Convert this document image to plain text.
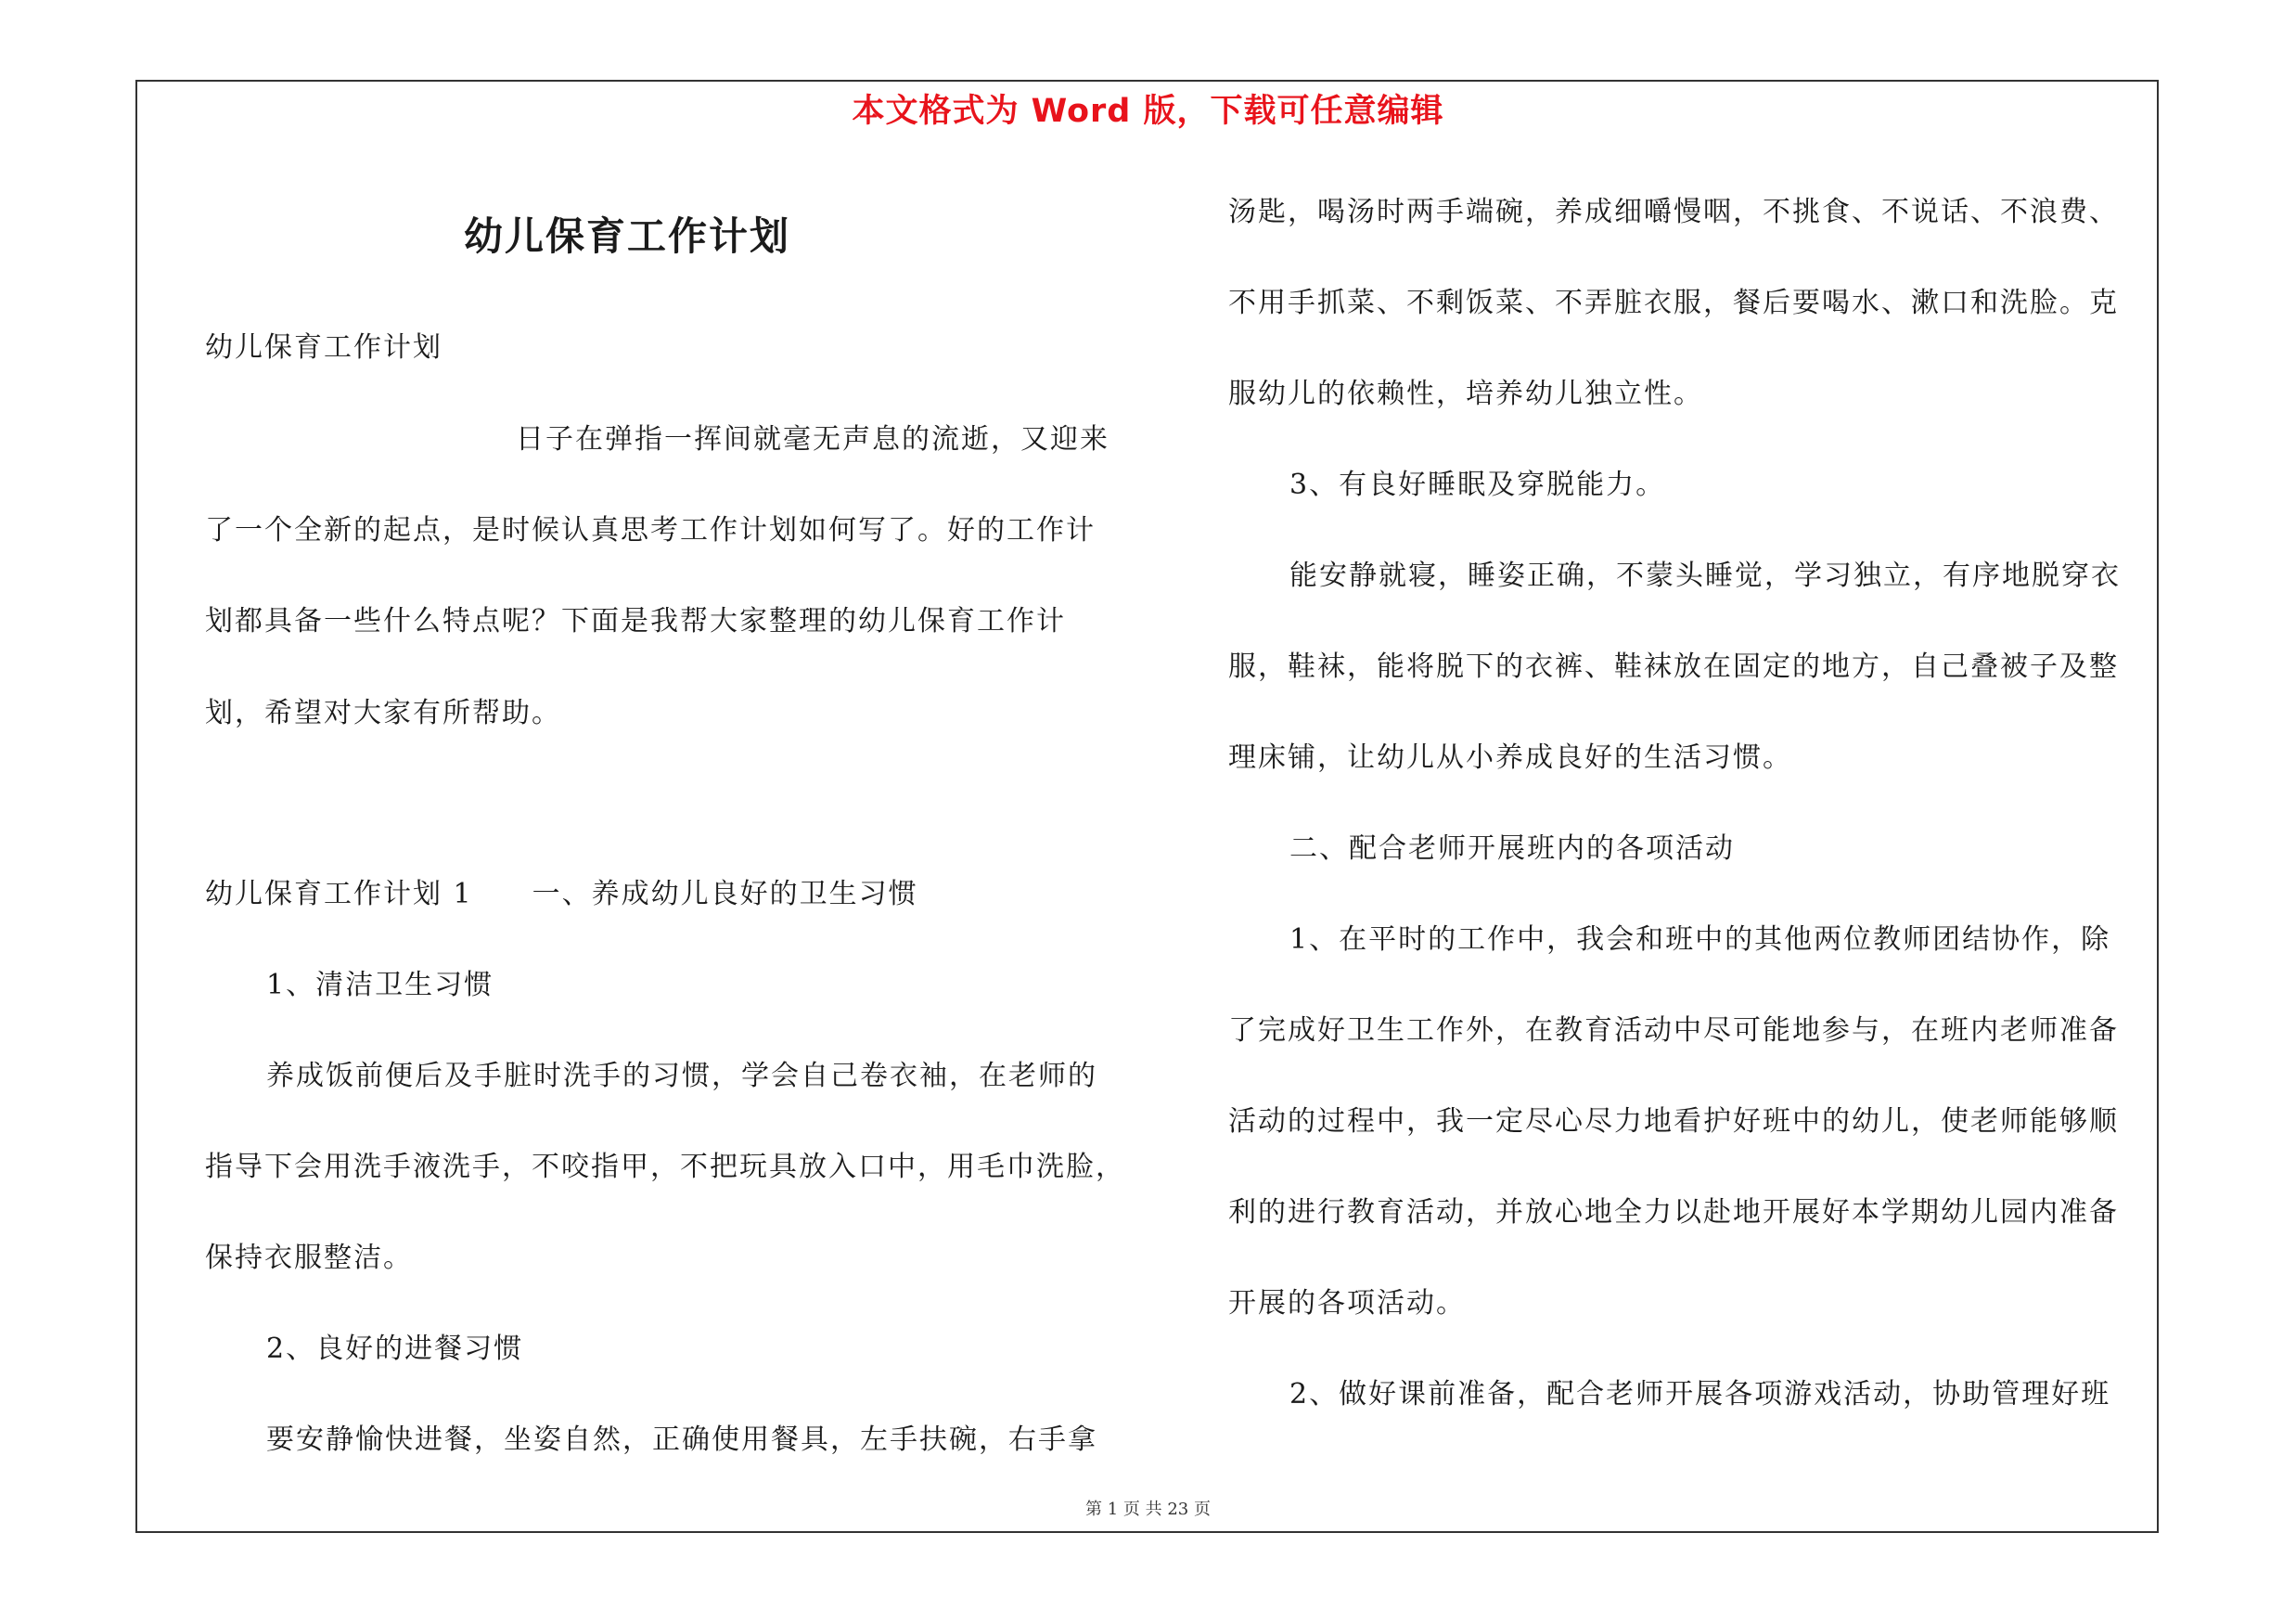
本文格式为 Word 版，下载可任意编辑
幼儿保育工作计划
幼儿保育工作计划
日子在弹指一挥间就毫无声息的流逝，又迎来
了一个全新的起点，是时候认真思考工作计划如何写了。好的工作计
划都具备一些什么特点呢？下面是我帮大家整理的幼儿保育工作计
划，希望对大家有所帮助。
幼儿保育工作计划 1　　一、养成幼儿良好的卫生习惯
1、清洁卫生习惯
养成饭前便后及手脏时洗手的习惯，学会自己卷衣袖，在老师的
指导下会用洗手液洗手，不咬指甲，不把玩具放入口中，用毛巾洗脸，
保持衣服整洁。
2、良好的进餐习惯
要安静愉快进餐，坐姿自然，正确使用餐具，左手扶碗，右手拿
汤匙，喝汤时两手端碗，养成细嚼慢咽，不挑食、不说话、不浪费、
不用手抓菜、不剩饭菜、不弄脏衣服，餐后要喝水、漱口和洗脸。克
服幼儿的依赖性，培养幼儿独立性。
3、有良好睡眠及穿脱能力。
能安静就寝，睡姿正确，不蒙头睡觉，学习独立，有序地脱穿衣
服，鞋袜，能将脱下的衣裤、鞋袜放在固定的地方，自己叠被子及整
理床铺，让幼儿从小养成良好的生活习惯。
二、配合老师开展班内的各项活动
1、在平时的工作中，我会和班中的其他两位教师团结协作，除
了完成好卫生工作外，在教育活动中尽可能地参与，在班内老师准备
活动的过程中，我一定尽心尽力地看护好班中的幼儿，使老师能够顺
利的进行教育活动，并放心地全力以赴地开展好本学期幼儿园内准备
开展的各项活动。
2、做好课前准备，配合老师开展各项游戏活动，协助管理好班
第 1 页 共 23 页
